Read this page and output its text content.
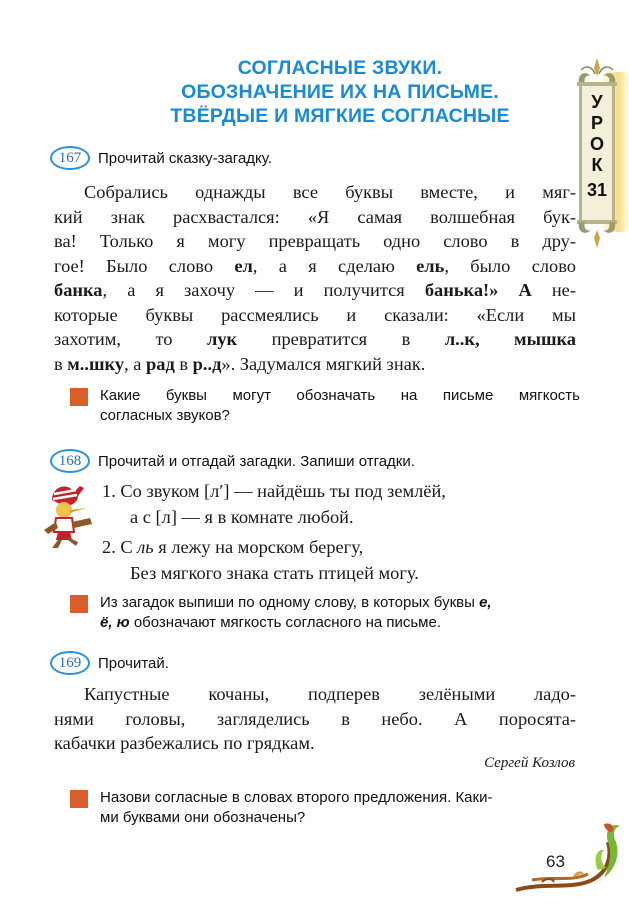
СОГЛАСНЫЕ ЗВУКИ.
ОБОЗНАЧЕНИЕ ИХ НА ПИСЬМЕ.
ТВЁРДЫЕ И МЯГКИЕ СОГЛАСНЫЕ
У
Р
О
К
31
167	Прочитай сказку-загадку.
Собрались однажды все буквы вместе, и мяг-
кий знак расхвастался: «Я самая волшебная бук-
ва! Только я могу превращать одно слово в дру-
гое! Было слово ел, а я сделаю ель, было слово
банка, а я захочу — и получится банька!» А не-
которые буквы рассмеялись и сказали: «Если мы
захотим, то лук превратится в л..к, мышка
в м..шку, а рад в р..д». Задумался мягкий знак.
Какие буквы могут обозначать на письме мягкость
согласных звуков?
168	Прочитай и отгадай загадки. Запиши отгадки.
1. Со звуком [л′] — найдёшь ты под землёй,
а с [л] — я в комнате любой.
2. С ль я лежу на морском берегу,
Без мягкого знака стать птицей могу.
Из загадок выпиши по одному слову, в которых буквы е,
ё, ю обозначают мягкость согласного на письме.
169	Прочитай.
Капустные кочаны, подперев зелёными ладо-
нями головы, загляделись в небо. А поросята-
кабачки разбежались по грядкам.
Сергей Козлов
Назови согласные в словах второго предложения. Каки-
ми буквами они обозначены?
63
